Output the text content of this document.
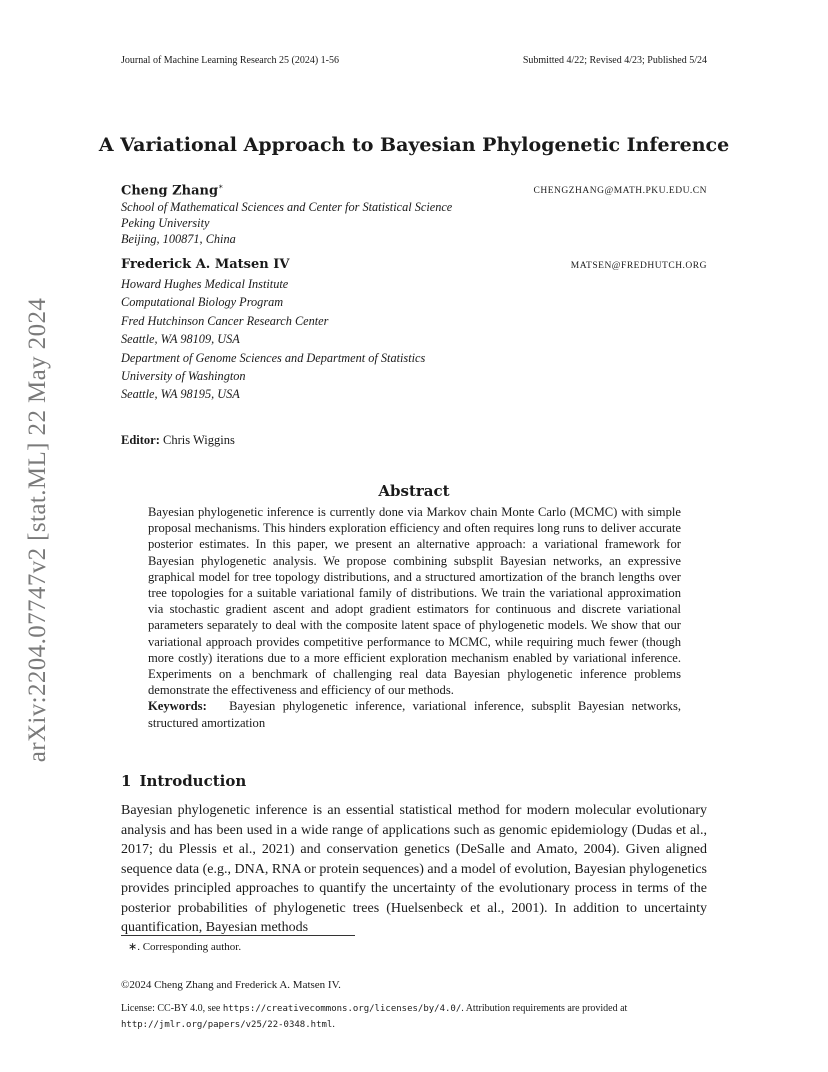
Journal of Machine Learning Research 25 (2024) 1-56	Submitted 4/22; Revised 4/23; Published 5/24
arXiv:2204.07747v2 [stat.ML] 22 May 2024
A Variational Approach to Bayesian Phylogenetic Inference
Cheng Zhang∗	CHENGZHANG@MATH.PKU.EDU.CN
School of Mathematical Sciences and Center for Statistical Science
Peking University
Beijing, 100871, China
Frederick A. Matsen IV	MATSEN@FREDHUTCH.ORG
Howard Hughes Medical Institute
Computational Biology Program
Fred Hutchinson Cancer Research Center
Seattle, WA 98109, USA
Department of Genome Sciences and Department of Statistics
University of Washington
Seattle, WA 98195, USA
Editor: Chris Wiggins
Abstract
Bayesian phylogenetic inference is currently done via Markov chain Monte Carlo (MCMC) with simple proposal mechanisms. This hinders exploration efficiency and often requires long runs to deliver accurate posterior estimates. In this paper, we present an alternative approach: a variational framework for Bayesian phylogenetic analysis. We propose combining subsplit Bayesian networks, an expressive graphical model for tree topology distributions, and a structured amortization of the branch lengths over tree topologies for a suitable variational family of distributions. We train the variational approximation via stochastic gradient ascent and adopt gradient estimators for continuous and discrete variational parameters separately to deal with the composite latent space of phylogenetic models. We show that our variational approach provides competitive performance to MCMC, while requiring much fewer (though more costly) iterations due to a more efficient exploration mechanism enabled by variational inference. Experiments on a benchmark of challenging real data Bayesian phylogenetic inference problems demonstrate the effectiveness and efficiency of our methods.
Keywords: Bayesian phylogenetic inference, variational inference, subsplit Bayesian networks, structured amortization
1 Introduction
Bayesian phylogenetic inference is an essential statistical method for modern molecular evolutionary analysis and has been used in a wide range of applications such as genomic epidemiology (Dudas et al., 2017; du Plessis et al., 2021) and conservation genetics (DeSalle and Amato, 2004). Given aligned sequence data (e.g., DNA, RNA or protein sequences) and a model of evolution, Bayesian phylogenetics provides principled approaches to quantify the uncertainty of the evolutionary process in terms of the posterior probabilities of phylogenetic trees (Huelsenbeck et al., 2001). In addition to uncertainty quantification, Bayesian methods
∗. Corresponding author.
©2024 Cheng Zhang and Frederick A. Matsen IV.
License: CC-BY 4.0, see https://creativecommons.org/licenses/by/4.0/. Attribution requirements are provided at
http://jmlr.org/papers/v25/22-0348.html.
